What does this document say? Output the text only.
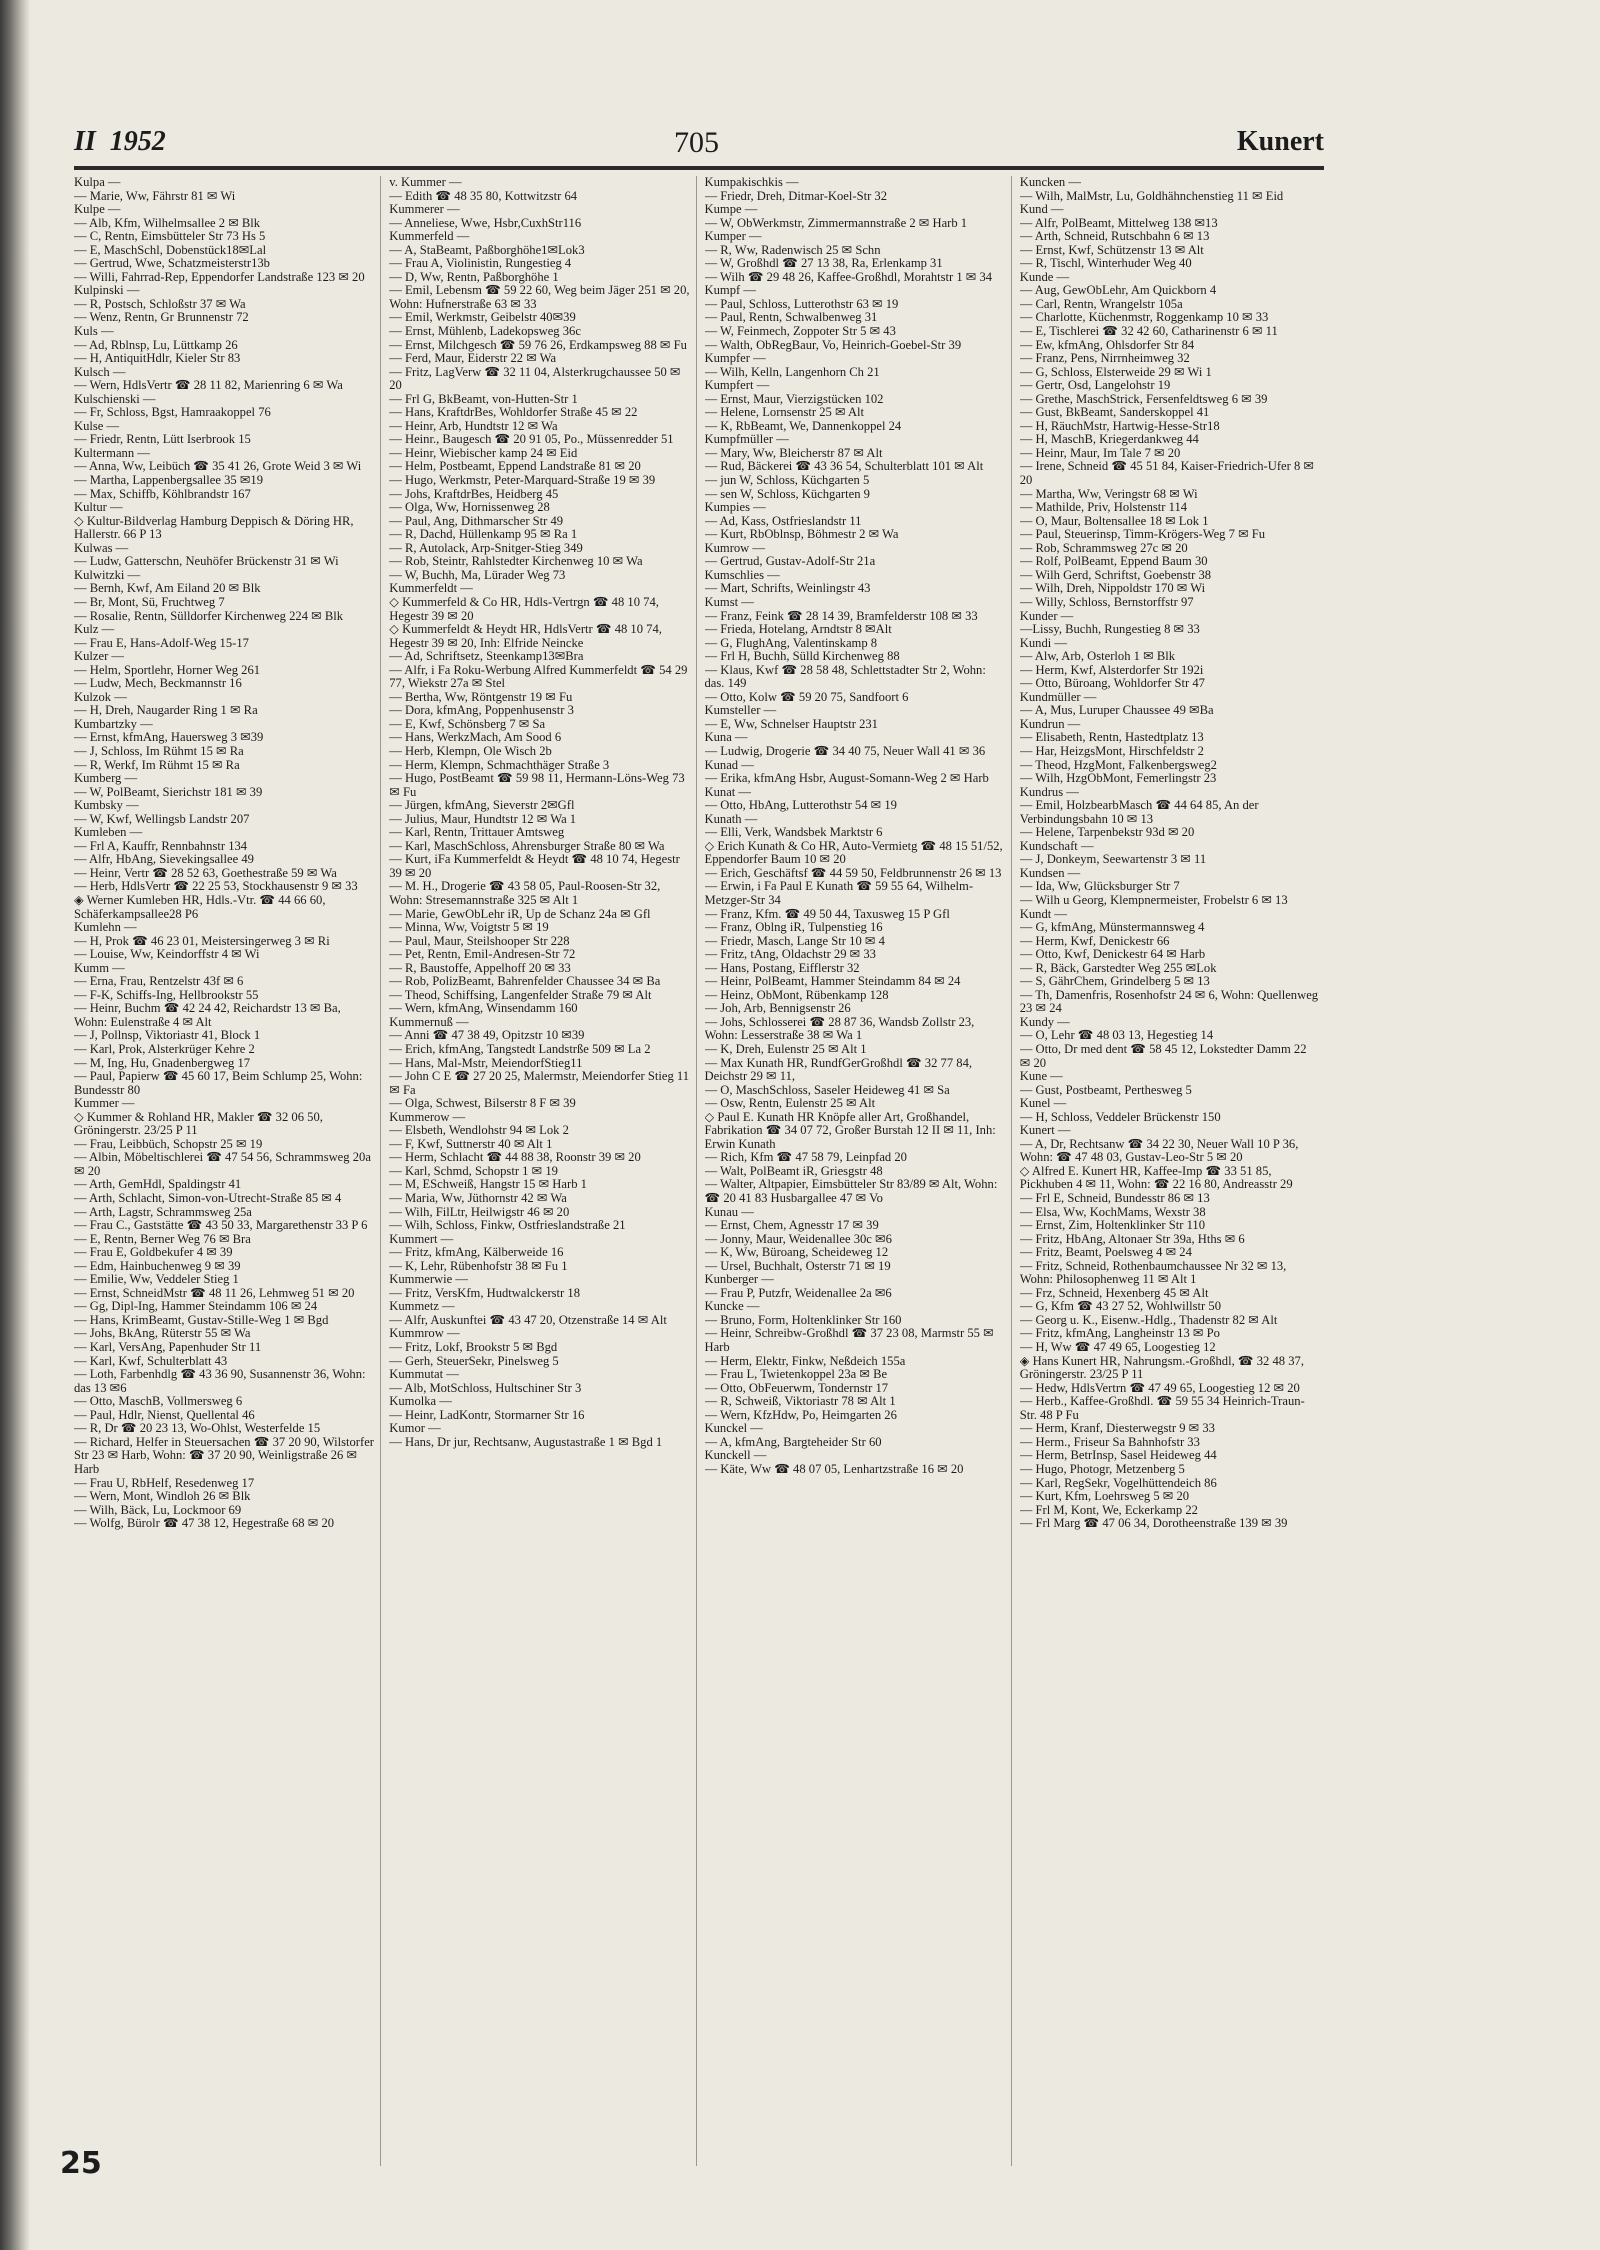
II 1952	705	Kunert
Kulpa —
— Marie, Ww, Fährstr 81 ✉ Wi
Kulpe —
— Alb, Kfm, Wilhelmsallee 2 ✉ Blk
— C, Rentn, Eimsbütteler Str 73 Hs 5
— E, MaschSchl, Dobenstück18✉Lal
— Gertrud, Wwe, Schatzmeisterstr13b
— Willi, Fahrrad-Rep, Eppendorfer Landstraße 123 ✉ 20
Kulpinski —
— R, Postsch, Schloßstr 37 ✉ Wa
— Wenz, Rentn, Gr Brunnenstr 72
Kuls —
— Ad, Rblnsp, Lu, Lüttkamp 26
— H, AntiquitHdlr, Kieler Str 83
Kulsch —
— Wern, HdlsVertr ☎ 28 11 82, Marienring 6 ✉ Wa
Kulschienski —
— Fr, Schloss, Bgst, Hamraakoppel 76
Kulse —
— Friedr, Rentn, Lütt Iserbrook 15
Kultermann —
— Anna, Ww, Leibüch ☎ 35 41 26, Grote Weid 3 ✉ Wi
— Martha, Lappenbergsallee 35 ✉19
— Max, Schiffb, Köhlbrandstr 167
Kultur —
◇ Kultur-Bildverlag Hamburg Deppisch & Döring HR, Hallerstr. 66 P 13
Kulwas —
— Ludw, Gatterschn, Neuhöfer Brückenstr 31 ✉ Wi
Kulwitzki —
— Bernh, Kwf, Am Eiland 20 ✉ Blk
— Br, Mont, Sü, Fruchtweg 7
— Rosalie, Rentn, Sülldorfer Kirchenweg 224 ✉ Blk
Kulz —
— Frau E, Hans-Adolf-Weg 15-17
Kulzer —
— Helm, Sportlehr, Horner Weg 261
— Ludw, Mech, Beckmannstr 16
Kulzok —
— H, Dreh, Naugarder Ring 1 ✉ Ra
Kumbartzky —
— Ernst, kfmAng, Hauersweg 3 ✉39
— J, Schloss, Im Rühmt 15 ✉ Ra
— R, Werkf, Im Rühmt 15 ✉ Ra
Kumberg —
— W, PolBeamt, Sierichstr 181 ✉ 39
Kumbsky —
— W, Kwf, Wellingsb Landstr 207
Kumleben —
— Frl A, Kauffr, Rennbahnstr 134
— Alfr, HbAng, Sievekingsallee 49
— Heinr, Vertr ☎ 28 52 63, Goethestraße 59 ✉ Wa
— Herb, HdlsVertr ☎ 22 25 53, Stockhausenstr 9 ✉ 33
◈ Werner Kumleben HR, Hdls.-Vtr. ☎ 44 66 60, Schäferkampsallee28 P6
Kumlehn —
— H, Prok ☎ 46 23 01, Meistersingerweg 3 ✉ Ri
— Louise, Ww, Keindorffstr 4 ✉ Wi
Kumm —
— Erna, Frau, Rentzelstr 43f ✉ 6
— F-K, Schiffs-Ing, Hellbrookstr 55
— Heinr, Buchm ☎ 42 24 42, Reichardstr 13 ✉ Ba, Wohn: Eulenstraße 4 ✉ Alt
— J, Pollnsp, Viktoriastr 41, Block 1
— Karl, Prok, Alsterkrüger Kehre 2
— M, Ing, Hu, Gnadenbergweg 17
— Paul, Papierw ☎ 45 60 17, Beim Schlump 25, Wohn: Bundesstr 80
Kummer —
◇ Kummer & Rohland HR, Makler ☎ 32 06 50, Gröningerstr. 23/25 P 11
— Frau, Leibbüch, Schopstr 25 ✉ 19
— Albin, Möbeltischlerei ☎ 47 54 56, Schrammsweg 20a ✉ 20
— Arth, GemHdl, Spaldingstr 41
— Arth, Schlacht, Simon-von-Utrecht-Straße 85 ✉ 4
— Arth, Lagstr, Schrammsweg 25a
— Frau C., Gaststätte ☎ 43 50 33, Margarethenstr 33 P 6
— E, Rentn, Berner Weg 76 ✉ Bra
— Frau E, Goldbekufer 4 ✉ 39
— Edm, Hainbuchenweg 9 ✉ 39
— Emilie, Ww, Veddeler Stieg 1
— Ernst, SchneidMstr ☎ 48 11 26, Lehmweg 51 ✉ 20
— Gg, Dipl-Ing, Hammer Steindamm 106 ✉ 24
— Hans, KrimBeamt, Gustav-Stille-Weg 1 ✉ Bgd
— Johs, BkAng, Rüterstr 55 ✉ Wa
— Karl, VersAng, Papenhuder Str 11
— Karl, Kwf, Schulterblatt 43
— Loth, Farbenhdlg ☎ 43 36 90, Susannenstr 36, Wohn: das 13 ✉6
— Otto, MaschB, Vollmersweg 6
— Paul, Hdlr, Nienst, Quellental 46
— R, Dr ☎ 20 23 13, Wo-Ohlst, Westerfelde 15
— Richard, Helfer in Steuersachen ☎ 37 20 90, Wilstorfer Str 23 ✉ Harb, Wohn: ☎ 37 20 90, Weinligstraße 26 ✉ Harb
— Frau U, RbHelf, Resedenweg 17
— Wern, Mont, Windloh 26 ✉ Blk
— Wilh, Bäck, Lu, Lockmoor 69
— Wolfg, Bürolr ☎ 47 38 12, Hegestraße 68 ✉ 20
v. Kummer —
— Edith ☎ 48 35 80, Kottwitzstr 64
Kummerer —
— Anneliese, Wwe, Hsbr,CuxhStr116
Kummerfeld —
— A, StaBeamt, Paßborghöhe1✉Lok3
— Frau A, Violinistin, Rungestieg 4
— D, Ww, Rentn, Paßborghöhe 1
— Emil, Lebensm ☎ 59 22 60, Weg beim Jäger 251 ✉ 20, Wohn: Hufnerstraße 63 ✉ 33
— Emil, Werkmstr, Geibelstr 40✉39
— Ernst, Mühlenb, Ladekopsweg 36c
— Ernst, Milchgesch ☎ 59 76 26, Erdkampsweg 88 ✉ Fu
— Ferd, Maur, Eiderstr 22 ✉ Wa
— Fritz, LagVerw ☎ 32 11 04, Alsterkrugchaussee 50 ✉ 20
— Frl G, BkBeamt, von-Hutten-Str 1
— Hans, KraftdrBes, Wohldorfer Straße 45 ✉ 22
— Heinr, Arb, Hundtstr 12 ✉ Wa
— Heinr., Baugesch ☎ 20 91 05, Po., Müssenredder 51
— Heinr, Wiebischer kamp 24 ✉ Eid
— Helm, Postbeamt, Eppend Landstraße 81 ✉ 20
— Hugo, Werkmstr, Peter-Marquard-Straße 19 ✉ 39
— Johs, KraftdrBes, Heidberg 45
— Olga, Ww, Hornissenweg 28
— Paul, Ang, Dithmarscher Str 49
— R, Dachd, Hüllenkamp 95 ✉ Ra 1
— R, Autolack, Arp-Snitger-Stieg 349
— Rob, Steintr, Rahlstedter Kirchenweg 10 ✉ Wa
— W, Buchh, Ma, Lürader Weg 73
Kummerfeldt —
◇ Kummerfeld & Co HR, Hdls-Vertrgn ☎ 48 10 74, Hegestr 39 ✉ 20
◇ Kummerfeldt & Heydt HR, HdlsVertr ☎ 48 10 74, Hegestr 39 ✉ 20, Inh: Elfride Neincke
— Ad, Schriftsetz, Steenkamp13✉Bra
— Alfr, i Fa Roku-Werbung Alfred Kummerfeldt ☎ 54 29 77, Wiekstr 27a ✉ Stel
— Bertha, Ww, Röntgenstr 19 ✉ Fu
— Dora, kfmAng, Poppenhusenstr 3
— E, Kwf, Schönsberg 7 ✉ Sa
— Hans, WerkzMach, Am Sood 6
— Herb, Klempn, Ole Wisch 2b
— Herm, Klempn, Schmachthäger Straße 3
— Hugo, PostBeamt ☎ 59 98 11, Hermann-Löns-Weg 73 ✉ Fu
— Jürgen, kfmAng, Sieverstr 2✉Gfl
— Julius, Maur, Hundtstr 12 ✉ Wa 1
— Karl, Rentn, Trittauer Amtsweg
— Karl, MaschSchloss, Ahrensburger Straße 80 ✉ Wa
— Kurt, iFa Kummerfeldt & Heydt ☎ 48 10 74, Hegestr 39 ✉ 20
— M. H., Drogerie ☎ 43 58 05, Paul-Roosen-Str 32, Wohn: Stresemannstraße 325 ✉ Alt 1
— Marie, GewObLehr iR, Up de Schanz 24a ✉ Gfl
— Minna, Ww, Voigtstr 5 ✉ 19
— Paul, Maur, Steilshooper Str 228
— Pet, Rentn, Emil-Andresen-Str 72
— R, Baustoffe, Appelhoff 20 ✉ 33
— Rob, PolizBeamt, Bahrenfelder Chaussee 34 ✉ Ba
— Theod, Schiffsing, Langenfelder Straße 79 ✉ Alt
— Wern, kfmAng, Winsendamm 160
Kummernuß —
— Anni ☎ 47 38 49, Opitzstr 10 ✉39
— Erich, kfmAng, Tangstedt Landstrße 509 ✉ La 2
— Hans, Mal-Mstr, MeiendorfStieg11
— John C E ☎ 27 20 25, Malermstr, Meiendorfer Stieg 11 ✉ Fa
— Olga, Schwest, Bilserstr 8 F ✉ 39
Kummerow —
— Elsbeth, Wendlohstr 94 ✉ Lok 2
— F, Kwf, Suttnerstr 40 ✉ Alt 1
— Herm, Schlacht ☎ 44 88 38, Roonstr 39 ✉ 20
— Karl, Schmd, Schopstr 1 ✉ 19
— M, ESchweiß, Hangstr 15 ✉ Harb 1
— Maria, Ww, Jüthornstr 42 ✉ Wa
— Wilh, FilLtr, Heilwigstr 46 ✉ 20
— Wilh, Schloss, Finkw, Ostfrieslandstraße 21
Kummert —
— Fritz, kfmAng, Kälberweide 16
— K, Lehr, Rübenhofstr 38 ✉ Fu 1
Kummerwie —
— Fritz, VersKfm, Hudtwalckerstr 18
Kummetz —
— Alfr, Auskunftei ☎ 43 47 20, Otzenstraße 14 ✉ Alt
Kummrow —
— Fritz, Lokf, Brookstr 5 ✉ Bgd
— Gerh, SteuerSekr, Pinelsweg 5
Kummutat —
— Alb, MotSchloss, Hultschiner Str 3
Kumolka —
— Heinr, LadKontr, Stormarner Str 16
Kumor —
— Hans, Dr jur, Rechtsanw, Augustastraße 1 ✉ Bgd 1
Kumpakischkis —
— Friedr, Dreh, Ditmar-Koel-Str 32
Kumpe —
— W, ObWerkmstr, Zimmermannstraße 2 ✉ Harb 1
Kumper —
— R, Ww, Radenwisch 25 ✉ Schn
— W, Großhdl ☎ 27 13 38, Ra, Erlenkamp 31
— Wilh ☎ 29 48 26, Kaffee-Großhdl, Morahtstr 1 ✉ 34
Kumpf —
— Paul, Schloss, Lutterothstr 63 ✉ 19
— Paul, Rentn, Schwalbenweg 31
— W, Feinmech, Zoppoter Str 5 ✉ 43
— Walth, ObRegBaur, Vo, Heinrich-Goebel-Str 39
Kumpfer —
— Wilh, Kelln, Langenhorn Ch 21
Kumpfert —
— Ernst, Maur, Vierzigstücken 102
— Helene, Lornsenstr 25 ✉ Alt
— K, RbBeamt, We, Dannenkoppel 24
Kumpfmüller —
— Mary, Ww, Bleicherstr 87 ✉ Alt
— Rud, Bäckerei ☎ 43 36 54, Schulterblatt 101 ✉ Alt
— jun W, Schloss, Küchgarten 5
— sen W, Schloss, Küchgarten 9
Kumpies —
— Ad, Kass, Ostfrieslandstr 11
— Kurt, RbOblnsp, Böhmestr 2 ✉ Wa
Kumrow —
— Gertrud, Gustav-Adolf-Str 21a
Kumschlies —
— Mart, Schrifts, Weinlingstr 43
Kumst —
— Franz, Feink ☎ 28 14 39, Bramfelderstr 108 ✉ 33
— Frieda, Hotelang, Arndtstr 8 ✉Alt
— G, FlughAng, Valentinskamp 8
— Frl H, Buchh, Sülld Kirchenweg 88
— Klaus, Kwf ☎ 28 58 48, Schlettstadter Str 2, Wohn: das. 149
— Otto, Kolw ☎ 59 20 75, Sandfoort 6
Kumsteller —
— E, Ww, Schnelser Hauptstr 231
Kuna —
— Ludwig, Drogerie ☎ 34 40 75, Neuer Wall 41 ✉ 36
Kunad —
— Erika, kfmAng Hsbr, August-Somann-Weg 2 ✉ Harb
Kunat —
— Otto, HbAng, Lutterothstr 54 ✉ 19
Kunath —
— Elli, Verk, Wandsbek Marktstr 6
◇ Erich Kunath & Co HR, Auto-Vermietg ☎ 48 15 51/52, Eppendorfer Baum 10 ✉ 20
— Erich, Geschäftsf ☎ 44 59 50, Feldbrunnenstr 26 ✉ 13
— Erwin, i Fa Paul E Kunath ☎ 59 55 64, Wilhelm-Metzger-Str 34
— Franz, Kfm. ☎ 49 50 44, Taxusweg 15 P Gfl
— Franz, Oblng iR, Tulpenstieg 16
— Friedr, Masch, Lange Str 10 ✉ 4
— Fritz, tAng, Oldachstr 29 ✉ 33
— Hans, Postang, Eifflerstr 32
— Heinr, PolBeamt, Hammer Steindamm 84 ✉ 24
— Heinz, ObMont, Rübenkamp 128
— Joh, Arb, Bennigsenstr 26
— Johs, Schlosserei ☎ 28 87 36, Wandsb Zollstr 23, Wohn: Lesserstraße 38 ✉ Wa 1
— K, Dreh, Eulenstr 25 ✉ Alt 1
— Max Kunath HR, RundfGerGroßhdl ☎ 32 77 84, Deichstr 29 ✉ 11,
— O, MaschSchloss, Saseler Heideweg 41 ✉ Sa
— Osw, Rentn, Eulenstr 25 ✉ Alt
◇ Paul E. Kunath HR Knöpfe aller Art, Großhandel, Fabrikation ☎ 34 07 72, Großer Burstah 12 II ✉ 11, Inh: Erwin Kunath
— Rich, Kfm ☎ 47 58 79, Leinpfad 20
— Walt, PolBeamt iR, Griesgstr 48
— Walter, Altpapier, Eimsbütteler Str 83/89 ✉ Alt, Wohn: ☎ 20 41 83 Husbargallee 47 ✉ Vo
Kunau —
— Ernst, Chem, Agnesstr 17 ✉ 39
— Jonny, Maur, Weidenallee 30c ✉6
— K, Ww, Büroang, Scheideweg 12
— Ursel, Buchhalt, Osterstr 71 ✉ 19
Kunberger —
— Frau P, Putzfr, Weidenallee 2a ✉6
Kuncke —
— Bruno, Form, Holtenklinker Str 160
— Heinr, Schreibw-Großhdl ☎ 37 23 08, Marmstr 55 ✉ Harb
— Herm, Elektr, Finkw, Neßdeich 155a
— Frau L, Twietenkoppel 23a ✉ Be
— Otto, ObFeuerwm, Tondernstr 17
— R, Schweiß, Viktoriastr 78 ✉ Alt 1
— Wern, KfzHdw, Po, Heimgarten 26
Kunckel —
— A, kfmAng, Bargteheider Str 60
Kunckell —
— Käte, Ww ☎ 48 07 05, Lenhartzstraße 16 ✉ 20
Kuncken —
— Wilh, MalMstr, Lu, Goldhähnchenstieg 11 ✉ Eid
Kund —
— Alfr, PolBeamt, Mittelweg 138 ✉13
— Arth, Schneid, Rutschbahn 6 ✉ 13
— Ernst, Kwf, Schützenstr 13 ✉ Alt
— R, Tischl, Winterhuder Weg 40
Kunde —
— Aug, GewObLehr, Am Quickborn 4
— Carl, Rentn, Wrangelstr 105a
— Charlotte, Küchenmstr, Roggenkamp 10 ✉ 33
— E, Tischlerei ☎ 32 42 60, Catharinenstr 6 ✉ 11
— Ew, kfmAng, Ohlsdorfer Str 84
— Franz, Pens, Nirrnheimweg 32
— G, Schloss, Elsterweide 29 ✉ Wi 1
— Gertr, Osd, Langelohstr 19
— Grethe, MaschStrick, Fersenfeldtsweg 6 ✉ 39
— Gust, BkBeamt, Sanderskoppel 41
— H, RäuchMstr, Hartwig-Hesse-Str18
— H, MaschB, Kriegerdankweg 44
— Heinr, Maur, Im Tale 7 ✉ 20
— Irene, Schneid ☎ 45 51 84, Kaiser-Friedrich-Ufer 8 ✉ 20
— Martha, Ww, Veringstr 68 ✉ Wi
— Mathilde, Priv, Holstenstr 114
— O, Maur, Boltensallee 18 ✉ Lok 1
— Paul, Steuerinsp, Timm-Krögers-Weg 7 ✉ Fu
— Rob, Schrammsweg 27c ✉ 20
— Rolf, PolBeamt, Eppend Baum 30
— Wilh Gerd, Schriftst, Goebenstr 38
— Wilh, Dreh, Nippoldstr 170 ✉ Wi
— Willy, Schloss, Bernstorffstr 97
Kunder —
—Lissy, Buchh, Rungestieg 8 ✉ 33
Kundi —
— Alw, Arb, Osterloh 1 ✉ Blk
— Herm, Kwf, Alsterdorfer Str 192i
— Otto, Büroang, Wohldorfer Str 47
Kundmüller —
— A, Mus, Luruper Chaussee 49 ✉Ba
Kundrun —
— Elisabeth, Rentn, Hastedtplatz 13
— Har, HeizgsMont, Hirschfeldstr 2
— Theod, HzgMont, Falkenbergsweg2
— Wilh, HzgObMont, Femerlingstr 23
Kundrus —
— Emil, HolzbearbMasch ☎ 44 64 85, An der Verbindungsbahn 10 ✉ 13
— Helene, Tarpenbekstr 93d ✉ 20
Kundschaft —
— J, Donkeym, Seewartenstr 3 ✉ 11
Kundsen —
— Ida, Ww, Glücksburger Str 7
— Wilh u Georg, Klempnermeister, Frobelstr 6 ✉ 13
Kundt —
— G, kfmAng, Münstermannsweg 4
— Herm, Kwf, Denickestr 66
— Otto, Kwf, Denickestr 64 ✉ Harb
— R, Bäck, Garstedter Weg 255 ✉Lok
— S, GährChem, Grindelberg 5 ✉ 13
— Th, Damenfris, Rosenhofstr 24 ✉ 6, Wohn: Quellenweg 23 ✉ 24
Kundy —
— O, Lehr ☎ 48 03 13, Hegestieg 14
— Otto, Dr med dent ☎ 58 45 12, Lokstedter Damm 22 ✉ 20
Kune —
— Gust, Postbeamt, Perthesweg 5
Kunel —
— H, Schloss, Veddeler Brückenstr 150
Kunert —
— A, Dr, Rechtsanw ☎ 34 22 30, Neuer Wall 10 P 36, Wohn: ☎ 47 48 03, Gustav-Leo-Str 5 ✉ 20
◇ Alfred E. Kunert HR, Kaffee-Imp ☎ 33 51 85, Pickhuben 4 ✉ 11, Wohn: ☎ 22 16 80, Andreasstr 29
— Frl E, Schneid, Bundesstr 86 ✉ 13
— Elsa, Ww, KochMams, Wexstr 38
— Ernst, Zim, Holtenklinker Str 110
— Fritz, HbAng, Altonaer Str 39a, Hths ✉ 6
— Fritz, Beamt, Poelsweg 4 ✉ 24
— Fritz, Schneid, Rothenbaumchaussee Nr 32 ✉ 13, Wohn: Philosophenweg 11 ✉ Alt 1
— Frz, Schneid, Hexenberg 45 ✉ Alt
— G, Kfm ☎ 43 27 52, Wohlwillstr 50
— Georg u. K., Eisenw.-Hdlg., Thadenstr 82 ✉ Alt
— Fritz, kfmAng, Langheinstr 13 ✉ Po
— H, Ww ☎ 47 49 65, Loogestieg 12
◈ Hans Kunert HR, Nahrungsm.-Großhdl, ☎ 32 48 37, Gröningerstr. 23/25 P 11
— Hedw, HdlsVertrn ☎ 47 49 65, Loogestieg 12 ✉ 20
— Herb., Kaffee-Großhdl. ☎ 59 55 34 Heinrich-Traun-Str. 48 P Fu
— Herm, Kranf, Diesterwegstr 9 ✉ 33
— Herm., Friseur Sa Bahnhofstr 33
— Herm, BetrInsp, Sasel Heideweg 44
— Hugo, Photogr, Metzenberg 5
— Karl, RegSekr, Vogelhüttendeich 86
— Kurt, Kfm, Loehrsweg 5 ✉ 20
— Frl M, Kont, We, Eckerkamp 22
— Frl Marg ☎ 47 06 34, Dorotheenstraße 139 ✉ 39
25
